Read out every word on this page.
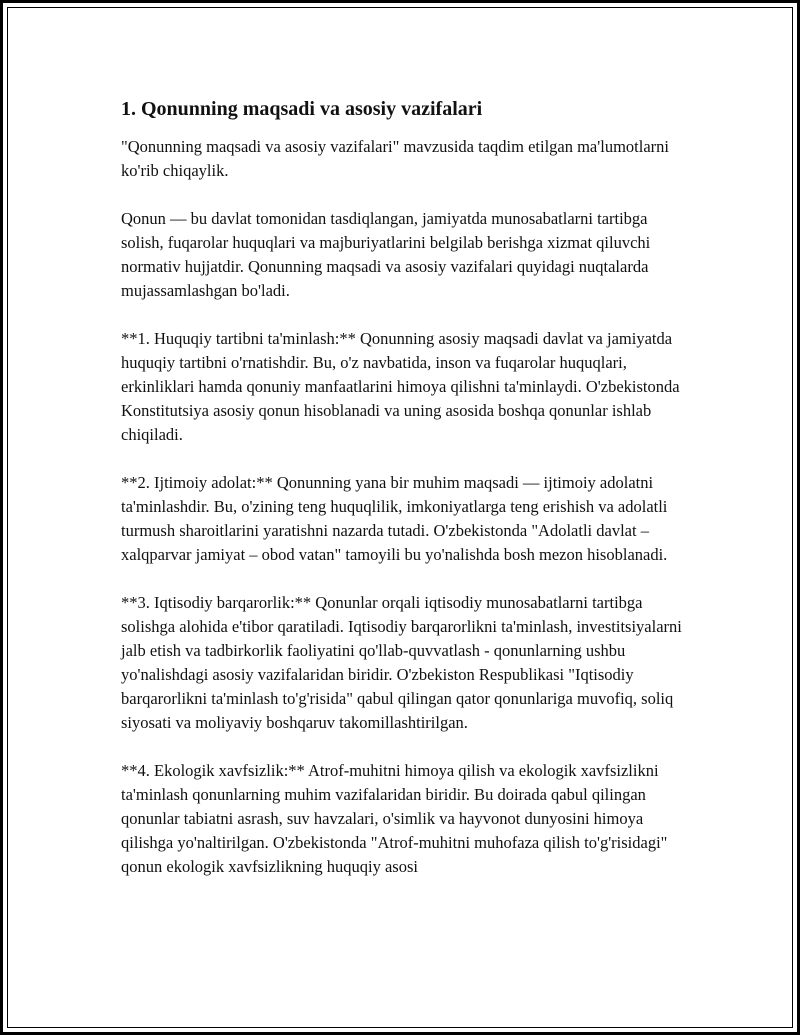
1. Qonunning maqsadi va asosiy vazifalari

"Qonunning maqsadi va asosiy vazifalari" mavzusida taqdim etilgan ma'lumotlarni ko'rib chiqaylik.

Qonun — bu davlat tomonidan tasdiqlangan, jamiyatda munosabatlarni tartibga solish, fuqarolar huquqlari va majburiyatlarini belgilab berishga xizmat qiluvchi normativ hujjatdir. Qonunning maqsadi va asosiy vazifalari quyidagi nuqtalarda mujassamlashgan bo'ladi.

**1. Huquqiy tartibni ta'minlash:** Qonunning asosiy maqsadi davlat va jamiyatda huquqiy tartibni o'rnatishdir. Bu, o'z navbatida, inson va fuqarolar huquqlari, erkinliklari hamda qonuniy manfaatlarini himoya qilishni ta'minlaydi. O'zbekistonda Konstitutsiya asosiy qonun hisoblanadi va uning asosida boshqa qonunlar ishlab chiqiladi.

**2. Ijtimoiy adolat:** Qonunning yana bir muhim maqsadi — ijtimoiy adolatni ta'minlashdir. Bu, o'zining teng huquqlilik, imkoniyatlarga teng erishish va adolatli turmush sharoitlarini yaratishni nazarda tutadi. O'zbekistonda "Adolatli davlat – xalqparvar jamiyat – obod vatan" tamoyili bu yo'nalishda bosh mezon hisoblanadi.

**3. Iqtisodiy barqarorlik:** Qonunlar orqali iqtisodiy munosabatlarni tartibga solishga alohida e'tibor qaratiladi. Iqtisodiy barqarorlikni ta'minlash, investitsiyalarni jalb etish va tadbirkorlik faoliyatini qo'llab-quvvatlash - qonunlarning ushbu yo'nalishdagi asosiy vazifalaridan biridir. O'zbekiston Respublikasi "Iqtisodiy barqarorlikni ta'minlash to'g'risida" qabul qilingan qator qonunlariga muvofiq, soliq siyosati va moliyaviy boshqaruv takomillashtirilgan.

**4. Ekologik xavfsizlik:** Atrof-muhitni himoya qilish va ekologik xavfsizlikni ta'minlash qonunlarning muhim vazifalaridan biridir. Bu doirada qabul qilingan qonunlar tabiatni asrash, suv havzalari, o'simlik va hayvonot dunyosini himoya qilishga yo'naltirilgan. O'zbekistonda "Atrof-muhitni muhofaza qilish to'g'risidagi" qonun ekologik xavfsizlikning huquqiy asosi
